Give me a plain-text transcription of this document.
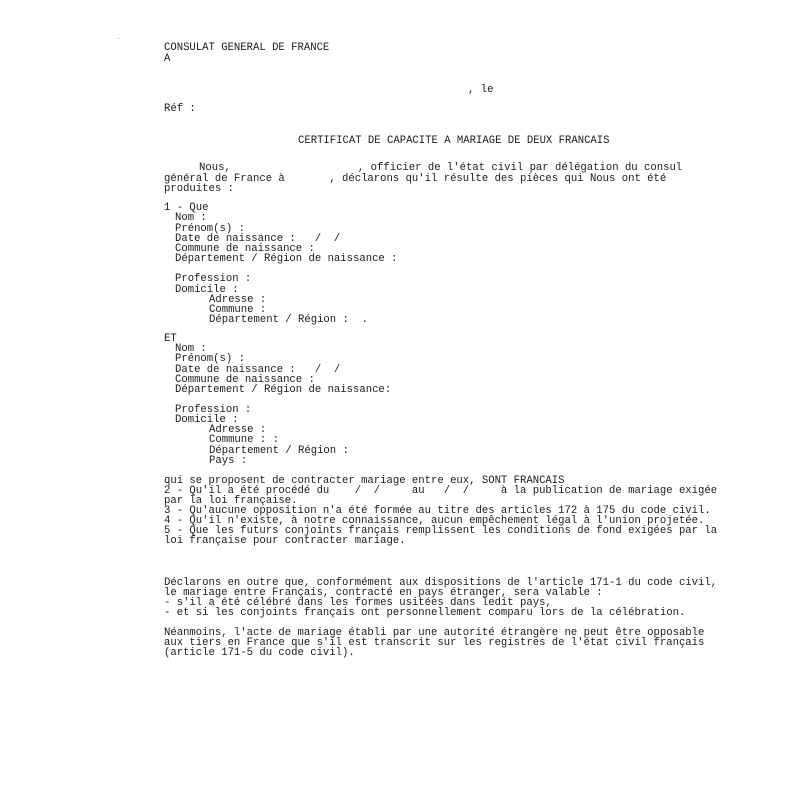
CONSULAT GENERAL DE FRANCE
A
, le
Réf :
CERTIFICAT DE CAPACITE A MARIAGE DE DEUX FRANCAIS
Nous,                    , officier de l'état civil par délégation du consul
général de France à       , déclarons qu'il résulte des pièces qui Nous ont été
produites :
1 - Que
Nom :
Prénom(s) :
Date de naissance :   /  /
Commune de naissance :
Département / Région de naissance :
Profession :
Domicile :
Adresse :
Commune :
Département / Région :  .
ET
Nom :
Prénom(s) :
Date de naissance :   /  /
Commune de naissance :
Département / Région de naissance:
Profession :
Domicile :
Adresse :
Commune : :
Département / Région :
Pays :
qui se proposent de contracter mariage entre eux, SONT FRANCAIS
2 - Qu'il a été procédé du    /  /     au   /  /     à la publication de mariage exigée
par la loi française.
3 - Qu'aucune opposition n'a été formée au titre des articles 172 à 175 du code civil.
4 - Qu'il n'existe, à notre connaissance, aucun empêchement légal à l'union projetée.
5 - Que les futurs conjoints français remplissent les conditions de fond exigées par la
loi française pour contracter mariage.
Déclarons en outre que, conformément aux dispositions de l'article 171-1 du code civil,
le mariage entre Français, contracté en pays étranger, sera valable :
- s'il a été célébré dans les formes usitées dans ledit pays,
- et si les conjoints français ont personnellement comparu lors de la célébration.
Néanmoins, l'acte de mariage établi par une autorité étrangère ne peut être opposable
aux tiers en France que s'il est transcrit sur les registres de l'état civil français
(article 171-5 du code civil).
